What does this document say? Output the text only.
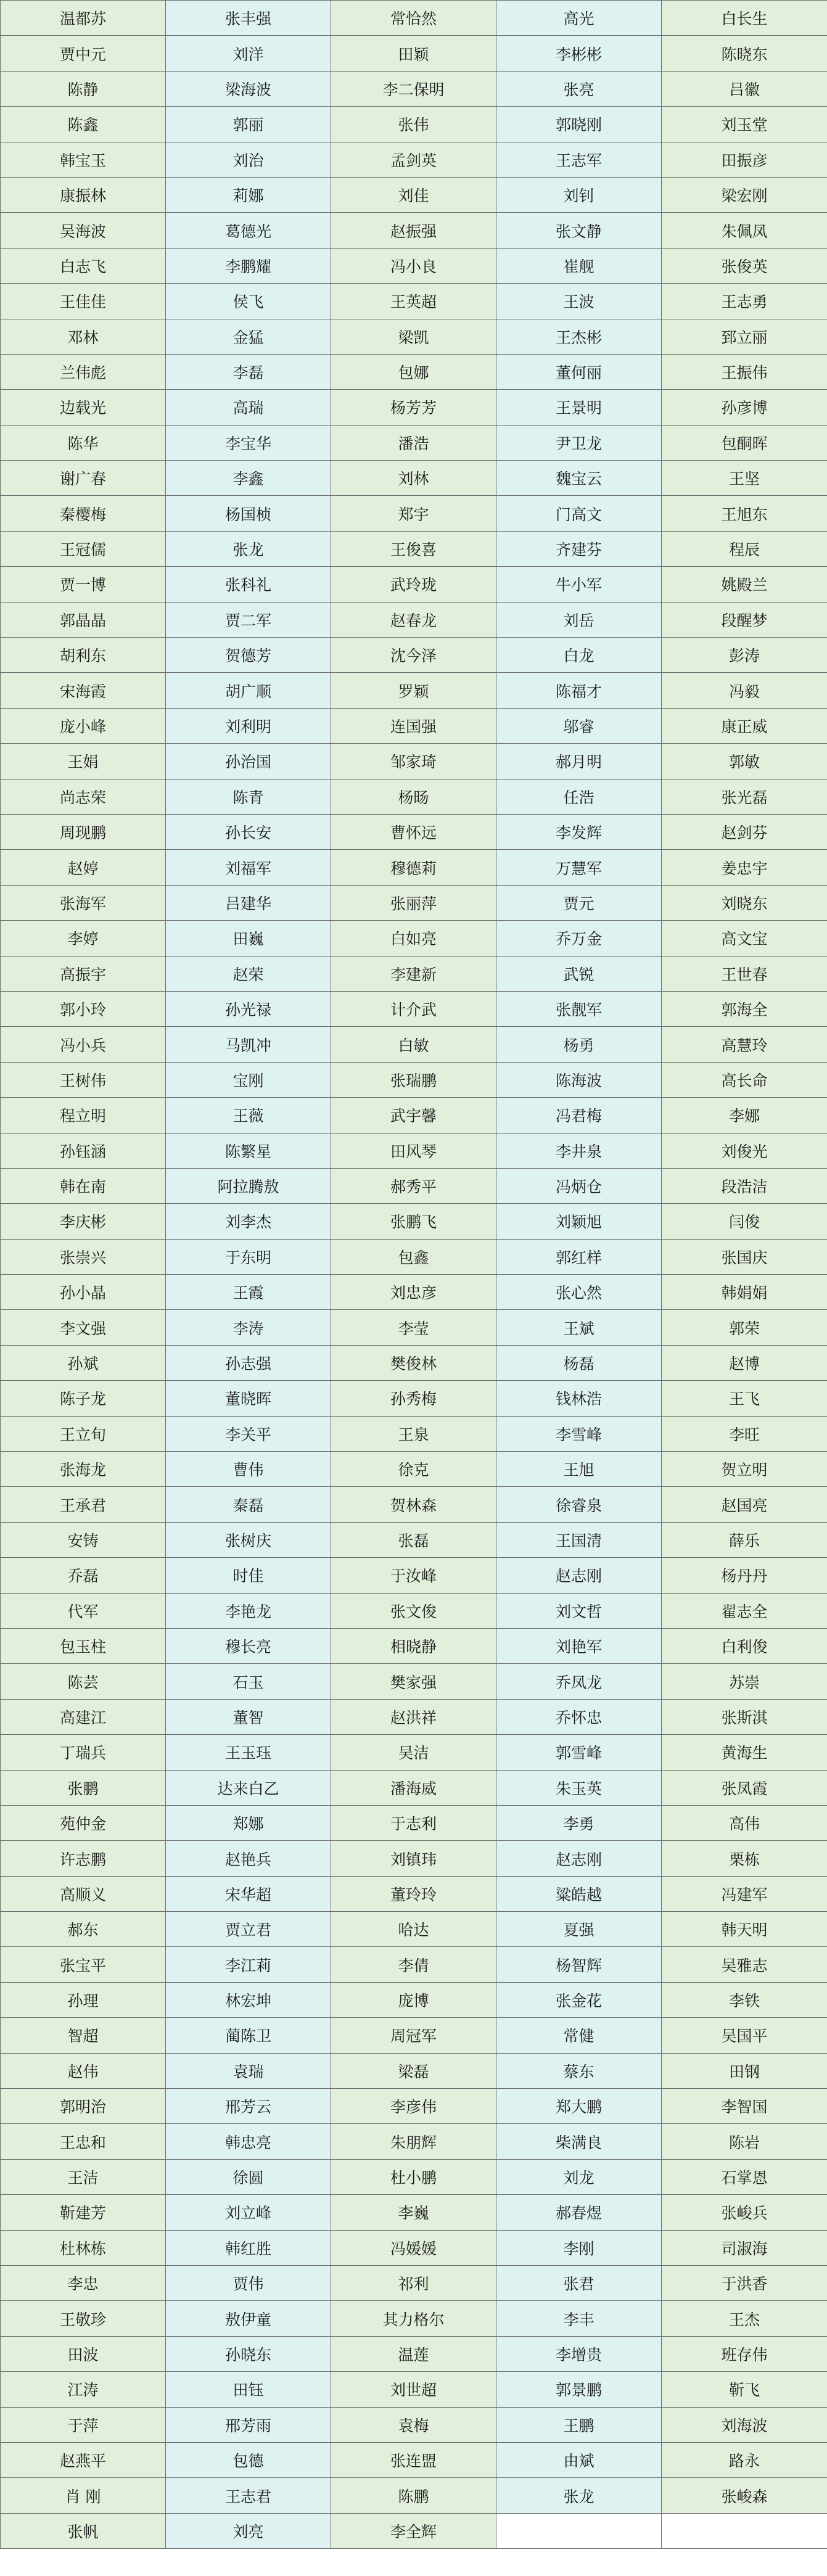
温都苏	张丰强	常恰然	高光	白长生
贾中元	刘洋	田颖	李彬彬	陈晓东
陈静	梁海波	李二保明	张亮	吕徽
陈鑫	郭丽	张伟	郭晓刚	刘玉堂
韩宝玉	刘治	孟剑英	王志军	田振彦
康振林	莉娜	刘佳	刘钊	梁宏刚
吴海波	葛德光	赵振强	张文静	朱佩凤
白志飞	李鹏耀	冯小良	崔舰	张俊英
王佳佳	侯飞	王英超	王波	王志勇
邓林	金猛	梁凯	王杰彬	郅立丽
兰伟彪	李磊	包娜	董何丽	王振伟
边载光	高瑞	杨芳芳	王景明	孙彦博
陈华	李宝华	潘浩	尹卫龙	包酮晖
谢广春	李鑫	刘林	魏宝云	王坚
秦樱梅	杨国桢	郑宇	门高文	王旭东
王冠儒	张龙	王俊喜	齐建芬	程辰
贾一博	张科礼	武玲珑	牛小军	姚殿兰
郭晶晶	贾二军	赵春龙	刘岳	段醒梦
胡利东	贺德芳	沈今泽	白龙	彭涛
宋海霞	胡广顺	罗颖	陈福才	冯毅
庞小峰	刘利明	连国强	邬睿	康正威
王娟	孙治国	邹家琦	郝月明	郭敏
尚志荣	陈青	杨旸	任浩	张光磊
周现鹏	孙长安	曹怀远	李发辉	赵剑芬
赵婷	刘福军	穆德莉	万慧军	姜忠宇
张海军	吕建华	张丽萍	贾元	刘晓东
李婷	田巍	白如亮	乔万金	高文宝
高振宇	赵荣	李建新	武锐	王世春
郭小玲	孙光禄	计介武	张靓军	郭海全
冯小兵	马凯冲	白敏	杨勇	高慧玲
王树伟	宝刚	张瑞鹏	陈海波	高长命
程立明	王薇	武宇馨	冯君梅	李娜
孙钰涵	陈繁星	田风琴	李井泉	刘俊光
韩在南	阿拉腾敖	郝秀平	冯炳仓	段浩洁
李庆彬	刘李杰	张鹏飞	刘颖旭	闫俊
张崇兴	于东明	包鑫	郭红样	张国庆
孙小晶	王霞	刘忠彦	张心然	韩娟娟
李文强	李涛	李莹	王斌	郭荣
孙斌	孙志强	樊俊林	杨磊	赵博
陈子龙	董晓晖	孙秀梅	钱林浩	王飞
王立旬	李关平	王泉	李雪峰	李旺
张海龙	曹伟	徐克	王旭	贺立明
王承君	秦磊	贺林森	徐睿泉	赵国亮
安铸	张树庆	张磊	王国清	薛乐
乔磊	时佳	于汝峰	赵志刚	杨丹丹
代军	李艳龙	张文俊	刘文哲	翟志全
包玉柱	穆长亮	相晓静	刘艳军	白利俊
陈芸	石玉	樊家强	乔凤龙	苏崇
高建江	董智	赵洪祥	乔怀忠	张斯淇
丁瑞兵	王玉珏	吴洁	郭雪峰	黄海生
张鹏	达来白乙	潘海威	朱玉英	张凤霞
苑仲金	郑娜	于志利	李勇	高伟
许志鹏	赵艳兵	刘镇玮	赵志刚	栗栋
高顺义	宋华超	董玲玲	粱皓越	冯建军
郝东	贾立君	哈达	夏强	韩天明
张宝平	李江莉	李倩	杨智辉	吴雅志
孙理	林宏坤	庞博	张金花	李铁
智超	蔺陈卫	周冠军	常健	吴国平
赵伟	袁瑞	梁磊	蔡东	田钢
郭明治	邢芳云	李彦伟	郑大鹏	李智国
王忠和	韩忠亮	朱朋辉	柴满良	陈岩
王洁	徐圆	杜小鹏	刘龙	石掌恩
靳建芳	刘立峰	李巍	郝春煜	张峻兵
杜林栋	韩红胜	冯媛媛	李刚	司淑海
李忠	贾伟	祁利	张君	于洪香
王敬珍	敖伊童	其力格尔	李丰	王杰
田波	孙晓东	温莲	李增贵	班存伟
江涛	田钰	刘世超	郭景鹏	靳飞
于萍	邢芳雨	袁梅	王鹏	刘海波
赵燕平	包德	张连盟	由斌	路永
肖 刚	王志君	陈鹏	张龙	张峻森
张帆	刘亮	李全辉		
